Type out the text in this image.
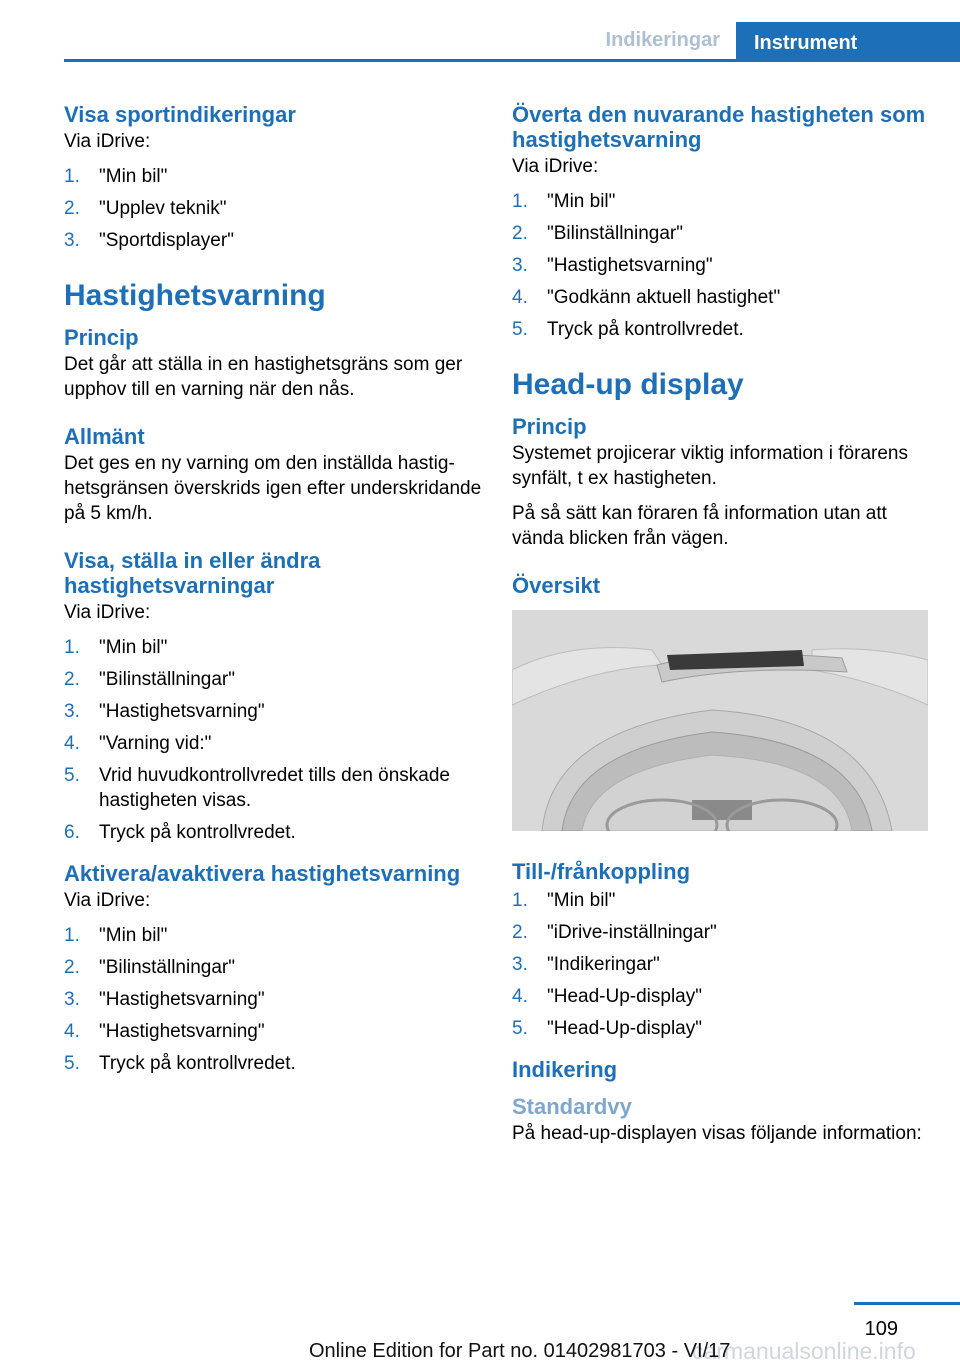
Indikeringar	Instrument
Visa sportindikeringar

Via iDrive:

1. "Min bil"
2. "Upplev teknik"
3. "Sportdisplayer"
Hastighetsvarning
Princip

Det går att ställa in en hastighetsgräns som ger upphov till en varning när den nås.

Allmänt

Det ges en ny varning om den inställda hastighetsgränsen överskrids igen efter underskridande på 5 km/h.

Visa, ställa in eller ändra hastighetsvarningar

Via iDrive:

1. "Min bil"
2. "Bilinställningar"
3. "Hastighetsvarning"
4. "Varning vid:"
5. Vrid huvudkontrollvredet tills den önskade hastigheten visas.
6. Tryck på kontrollvredet.
Aktivera/avaktivera hastighetsvarning

Via iDrive:

1. "Min bil"
2. "Bilinställningar"
3. "Hastighetsvarning"
4. "Hastighetsvarning"
5. Tryck på kontrollvredet.
Överta den nuvarande hastigheten som hastighetsvarning

Via iDrive:

1. "Min bil"
2. "Bilinställningar"
3. "Hastighetsvarning"
4. "Godkänn aktuell hastighet"
5. Tryck på kontrollvredet.
Head-up display
Princip

Systemet projicerar viktig information i förarens synfält, t ex hastigheten.

På så sätt kan föraren få information utan att vända blicken från vägen.

Översikt
Till-/frånkoppling
1. "Min bil"
2. "iDrive-inställningar"
3. "Indikeringar"
4. "Head-Up-display"
5. "Head-Up-display"
Indikering
Standardvy

På head-up-displayen visas följande information:

109
carmanualsonline.info
Online Edition for Part no. 01402981703 - VI/17
